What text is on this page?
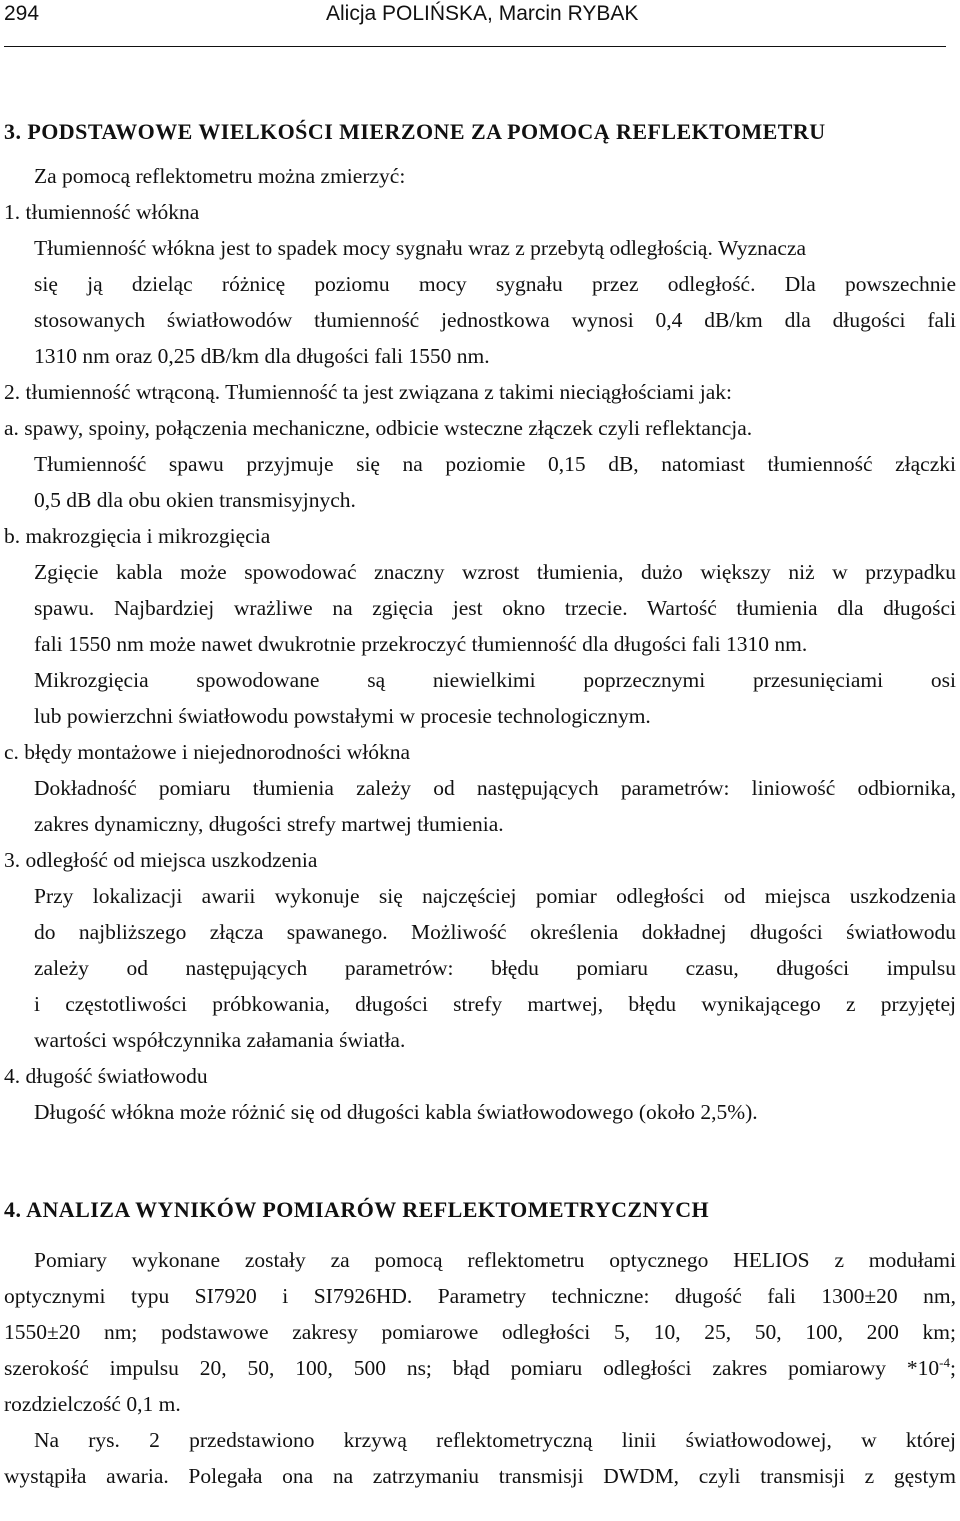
294	Alicja POLIŃSKA, Marcin RYBAK
3. PODSTAWOWE WIELKOŚCI MIERZONE ZA POMOCĄ REFLEKTOMETRU
Za pomocą reflektometru można zmierzyć:
1. tłumienność włókna
Tłumienność włókna jest to spadek mocy sygnału wraz z przebytą odległością. Wyznacza
się ją dzieląc różnicę poziomu mocy sygnału przez odległość. Dla powszechnie
stosowanych światłowodów tłumienność jednostkowa wynosi 0,4 dB/km dla długości fali
1310 nm oraz 0,25 dB/km dla długości fali 1550 nm.
2. tłumienność wtrąconą. Tłumienność ta jest związana z takimi nieciągłościami jak:
a. spawy, spoiny, połączenia mechaniczne, odbicie wsteczne złączek czyli reflektancja.
Tłumienność spawu przyjmuje się na poziomie 0,15 dB, natomiast tłumienność złączki
0,5 dB dla obu okien transmisyjnych.
b. makrozgięcia i mikrozgięcia
Zgięcie kabla może spowodować znaczny wzrost tłumienia, dużo większy niż w przypadku
spawu. Najbardziej wrażliwe na zgięcia jest okno trzecie. Wartość tłumienia dla długości
fali 1550 nm może nawet dwukrotnie przekroczyć tłumienność dla długości fali 1310 nm.
Mikrozgięcia spowodowane są niewielkimi poprzecznymi przesunięciami osi
lub powierzchni światłowodu powstałymi w procesie technologicznym.
c. błędy montażowe i niejednorodności włókna
Dokładność pomiaru tłumienia zależy od następujących parametrów: liniowość odbiornika,
zakres dynamiczny, długości strefy martwej tłumienia.
3. odległość od miejsca uszkodzenia
Przy lokalizacji awarii wykonuje się najczęściej pomiar odległości od miejsca uszkodzenia
do najbliższego złącza spawanego. Możliwość określenia dokładnej długości światłowodu
zależy od następujących parametrów: błędu pomiaru czasu, długości impulsu
i częstotliwości próbkowania, długości strefy martwej, błędu wynikającego z przyjętej
wartości współczynnika załamania światła.
4. długość światłowodu
Długość włókna może różnić się od długości kabla światłowodowego (około 2,5%).
4. ANALIZA WYNIKÓW POMIARÓW REFLEKTOMETRYCZNYCH
Pomiary wykonane zostały za pomocą reflektometru optycznego HELIOS z modułami
optycznymi typu SI7920 i SI7926HD. Parametry techniczne: długość fali 1300±20 nm,
1550±20 nm; podstawowe zakresy pomiarowe odległości 5, 10, 25, 50, 100, 200 km;
szerokość impulsu 20, 50, 100, 500 ns; błąd pomiaru odległości zakres pomiarowy $*10^{-4}$;
rozdzielczość 0,1 m.
Na rys. 2 przedstawiono krzywą reflektometryczną linii światłowodowej, w której
wystąpiła awaria. Polegała ona na zatrzymaniu transmisji DWDM, czyli transmisji z gęstym
